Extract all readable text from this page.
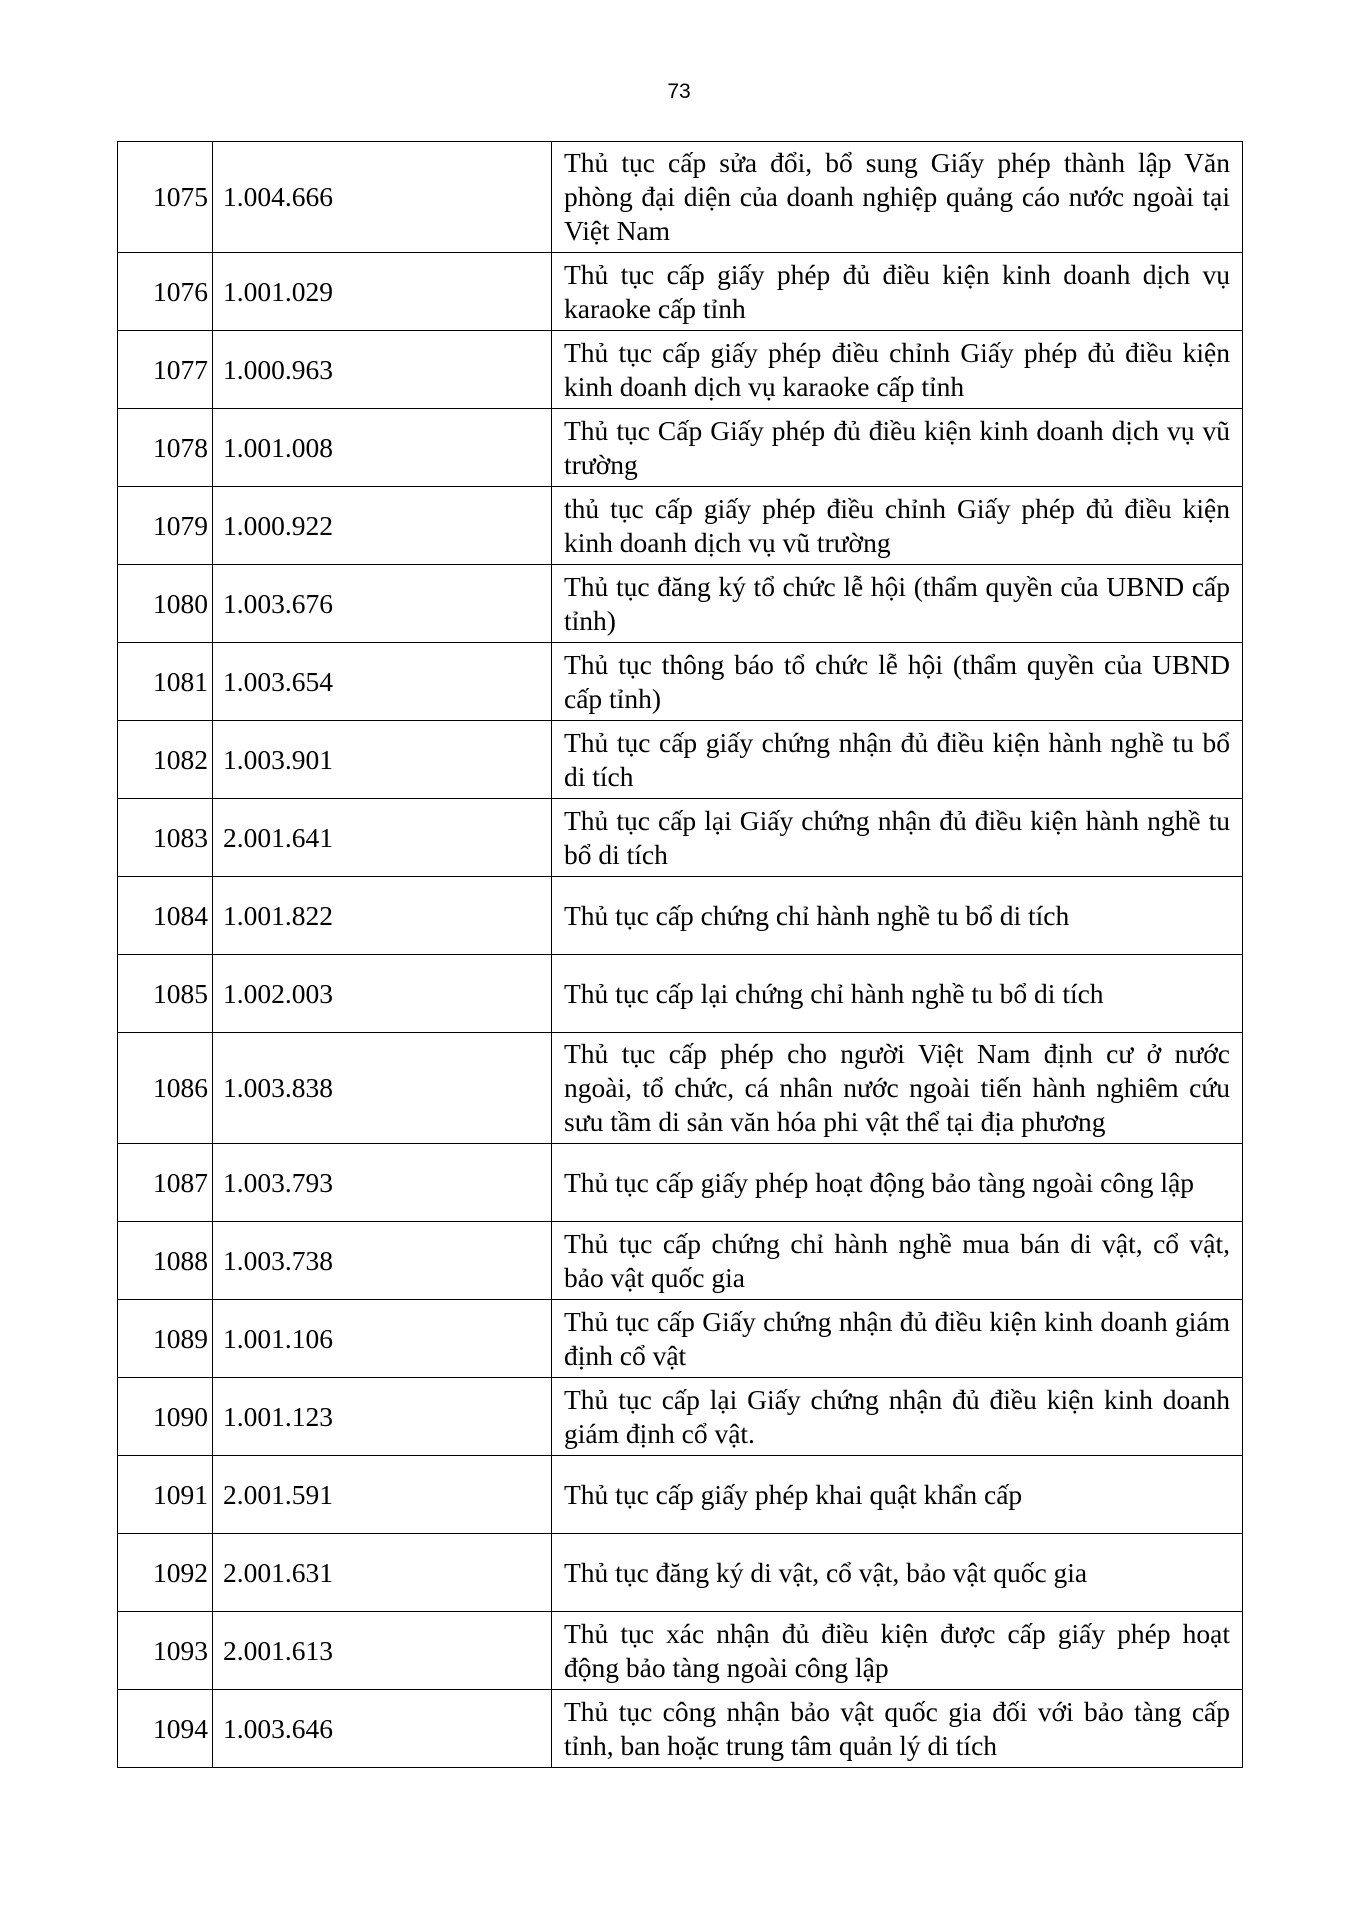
73
1075	1.004.666	Thủ tục cấp sửa đổi, bổ sung Giấy phép thành lập Văn phòng đại diện của doanh nghiệp quảng cáo nước ngoài tại Việt Nam
1076	1.001.029	Thủ tục cấp giấy phép đủ điều kiện kinh doanh dịch vụ karaoke cấp tỉnh
1077	1.000.963	Thủ tục cấp giấy phép điều chỉnh Giấy phép đủ điều kiện kinh doanh dịch vụ karaoke cấp tỉnh
1078	1.001.008	Thủ tục Cấp Giấy phép đủ điều kiện kinh doanh dịch vụ vũ trường
1079	1.000.922	thủ tục cấp giấy phép điều chỉnh Giấy phép đủ điều kiện kinh doanh dịch vụ vũ trường
1080	1.003.676	Thủ tục đăng ký tổ chức lễ hội (thẩm quyền của UBND cấp tỉnh)
1081	1.003.654	Thủ tục thông báo tổ chức lễ hội (thẩm quyền của UBND cấp tỉnh)
1082	1.003.901	Thủ tục cấp giấy chứng nhận đủ điều kiện hành nghề tu bổ di tích
1083	2.001.641	Thủ tục cấp lại Giấy chứng nhận đủ điều kiện hành nghề tu bổ di tích
1084	1.001.822	Thủ tục cấp chứng chỉ hành nghề tu bổ di tích
1085	1.002.003	Thủ tục cấp lại chứng chỉ hành nghề tu bổ di tích
1086	1.003.838	Thủ tục cấp phép cho người Việt Nam định cư ở nước ngoài, tổ chức, cá nhân nước ngoài tiến hành nghiêm cứu sưu tầm di sản văn hóa phi vật thể tại địa phương
1087	1.003.793	Thủ tục cấp giấy phép hoạt động bảo tàng ngoài công lập
1088	1.003.738	Thủ tục cấp chứng chỉ hành nghề mua bán di vật, cổ vật, bảo vật quốc gia
1089	1.001.106	Thủ tục cấp Giấy chứng nhận đủ điều kiện kinh doanh giám định cổ vật
1090	1.001.123	Thủ tục cấp lại Giấy chứng nhận đủ điều kiện kinh doanh giám định cổ vật.
1091	2.001.591	Thủ tục cấp giấy phép khai quật khẩn cấp
1092	2.001.631	Thủ tục đăng ký di vật, cổ vật, bảo vật quốc gia
1093	2.001.613	Thủ tục xác nhận đủ điều kiện được cấp giấy phép hoạt động bảo tàng ngoài công lập
1094	1.003.646	Thủ tục công nhận bảo vật quốc gia đối với bảo tàng cấp tỉnh, ban hoặc trung tâm quản lý di tích
